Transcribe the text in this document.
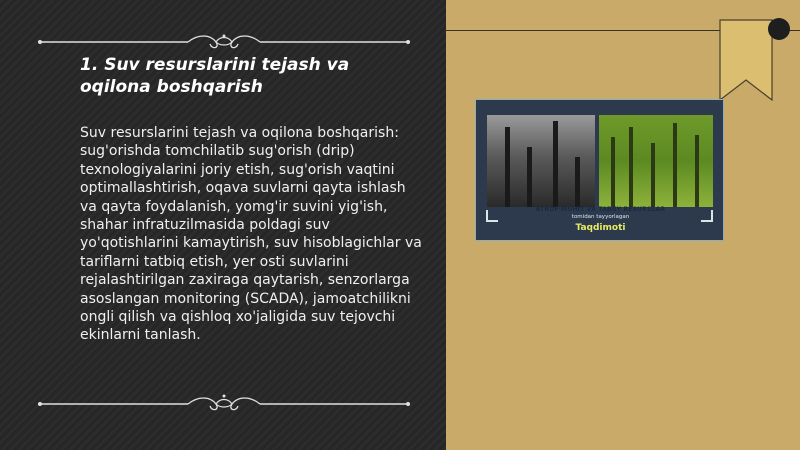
1. Suv resurslarini tejash va oqilona boshqarish

Suv resurslarini tejash va oqilona boshqarish: sug'orishda tomchilatib sug'orish (drip) texnologiyalarini joriy etish, sug'orish vaqtini optimallashtirish, oqava suvlarni qayta ishlash va qayta foydalanish, yomg'ir suvini yig'ish, shahar infratuzilmasida poldagi suv yo'qotishlarini kamaytirish, suv hisoblagichlar va tariflarni tatbiq etish, yer osti suvlarini rejalashtirilgan zaxiraga qaytarish, senzorlarga asoslangan monitoring (SCADA), jamoatchilikni ongli qilish va qishloq xo'jaligida suv tejovchi ekinlarni tanlash.

ATROF-MUHIT VA TABIIY RESURSLAR
tomidan tayyorlagan
Taqdimoti
